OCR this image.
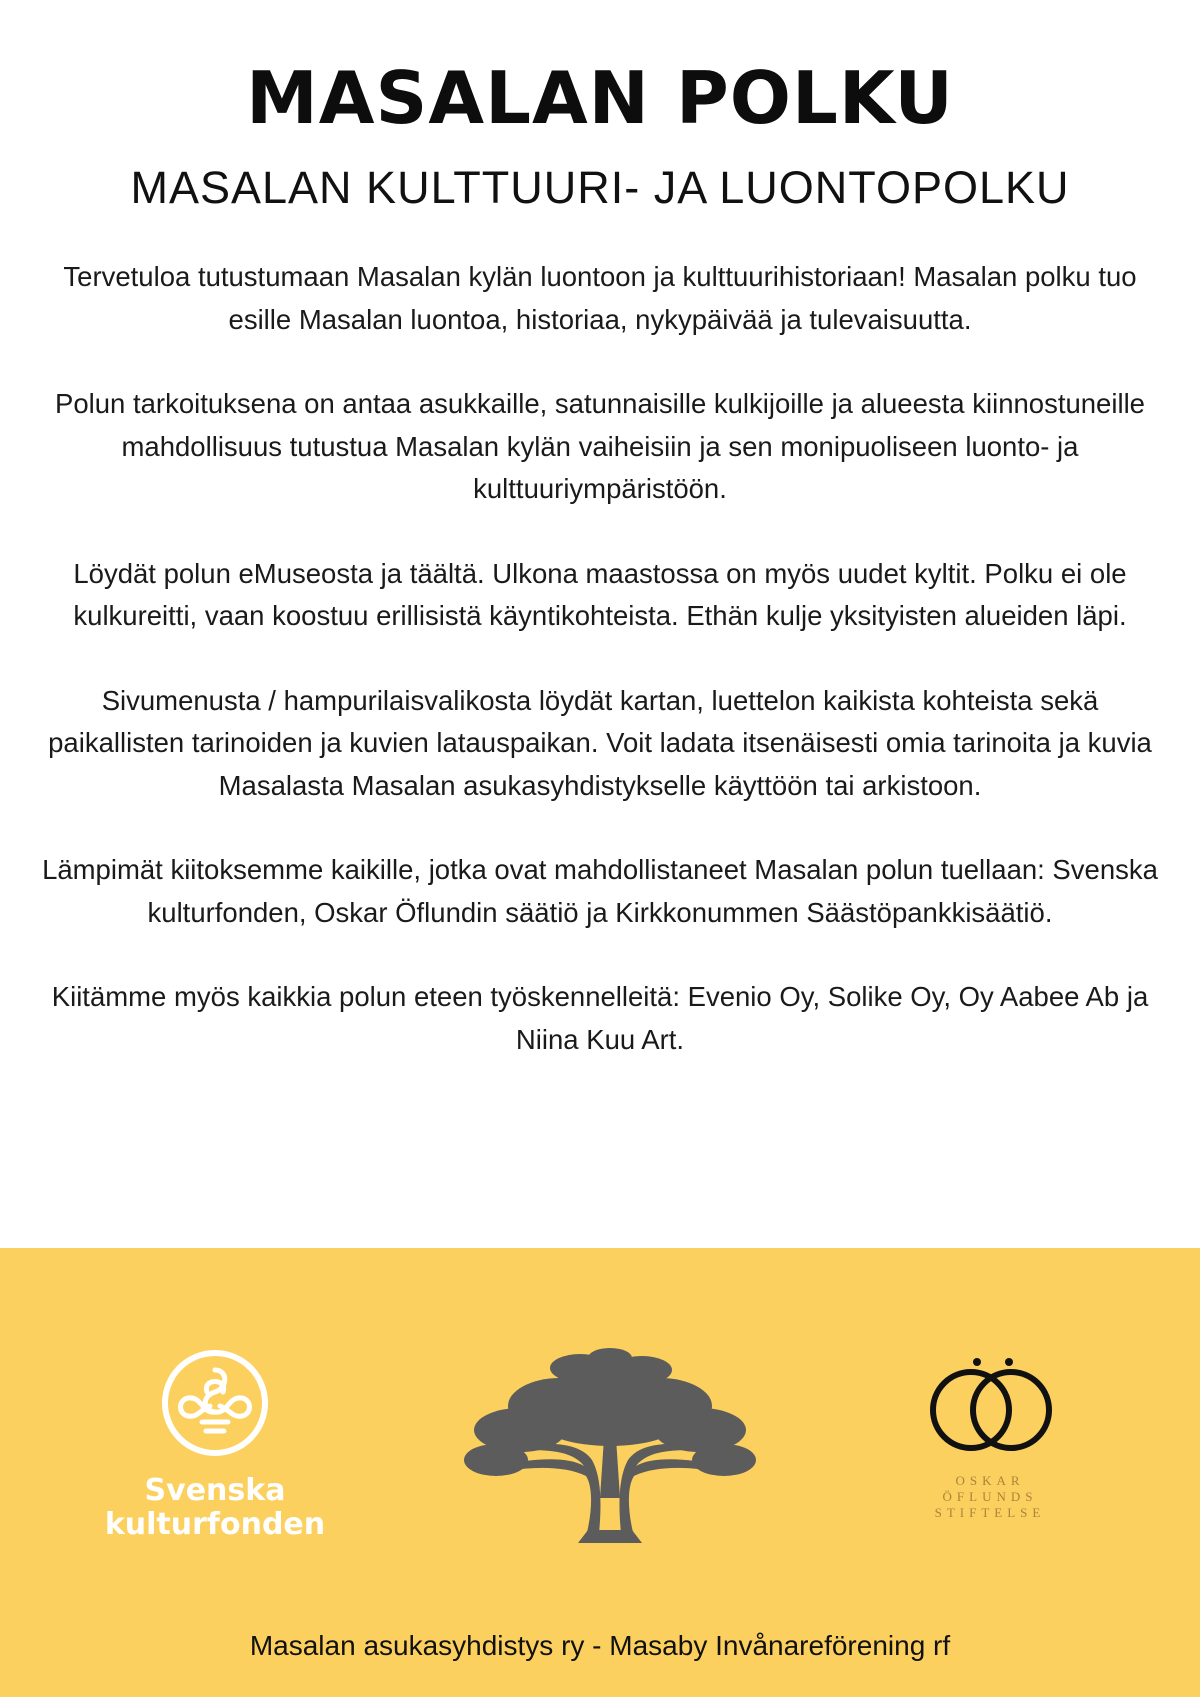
MASALAN POLKU
MASALAN KULTTUURI- JA LUONTOPOLKU

Tervetuloa tutustumaan Masalan kylän luontoon ja kulttuurihistoriaan! Masalan polku tuo esille Masalan luontoa, historiaa, nykypäivää ja tulevaisuutta.

Polun tarkoituksena on antaa asukkaille, satunnaisille kulkijoille ja alueesta kiinnostuneille mahdollisuus tutustua Masalan kylän vaiheisiin ja sen monipuoliseen luonto- ja kulttuuriympäristöön.

Löydät polun eMuseosta ja täältä. Ulkona maastossa on myös uudet kyltit. Polku ei ole kulkureitti, vaan koostuu erillisistä käyntikohteista. Ethän kulje yksityisten alueiden läpi.

Sivumenusta / hampurilaisvalikosta löydät kartan, luettelon kaikista kohteista sekä paikallisten tarinoiden ja kuvien latauspaikan. Voit ladata itsenäisesti omia tarinoita ja kuvia Masalasta Masalan asukasyhdistykselle käyttöön tai arkistoon.

Lämpimät kiitoksemme kaikille, jotka ovat mahdollistaneet Masalan polun tuellaan: Svenska kulturfonden, Oskar Öflundin säätiö ja Kirkkonummen Säästöpankkisäätiö.

Kiitämme myös kaikkia polun eteen työskennelleitä: Evenio Oy, Solike Oy, Oy Aabee Ab ja Niina Kuu Art.

Svenska
kulturfonden
OSKAR
ÖFLUNDS
STIFTELSE

Masalan asukasyhdistys ry - Masaby Invånareförening rf
